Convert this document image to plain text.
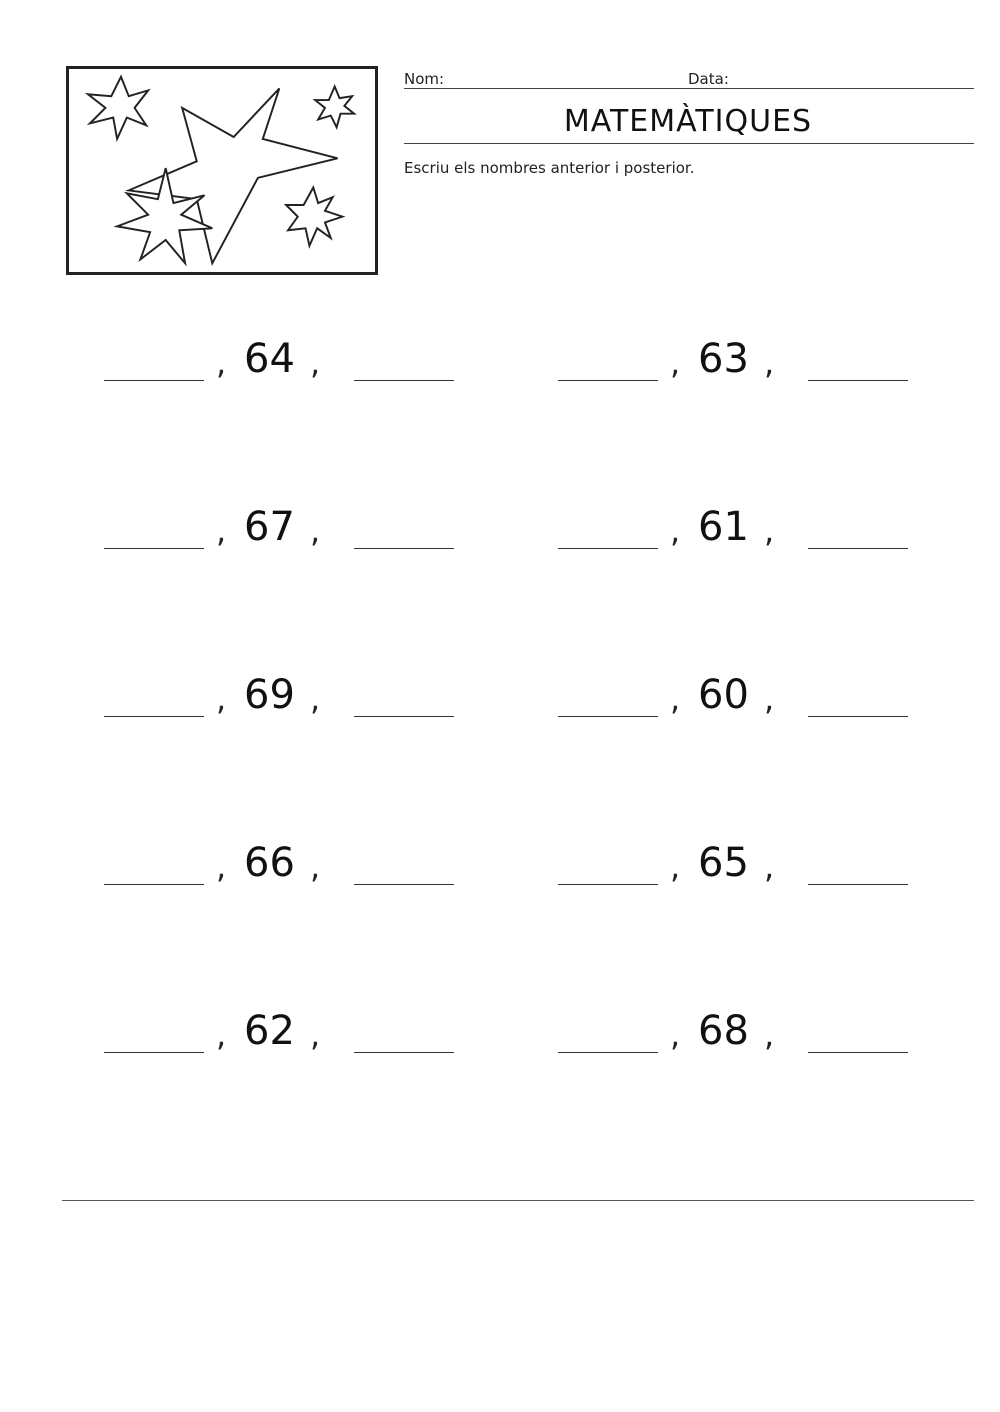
Nom:	Data:
MATEMÀTIQUES
Escriu els nombres anterior i posterior.
, 64 ,	, 63 ,
, 67 ,	, 61 ,
, 69 ,	, 60 ,
, 66 ,	, 65 ,
, 62 ,	, 68 ,
